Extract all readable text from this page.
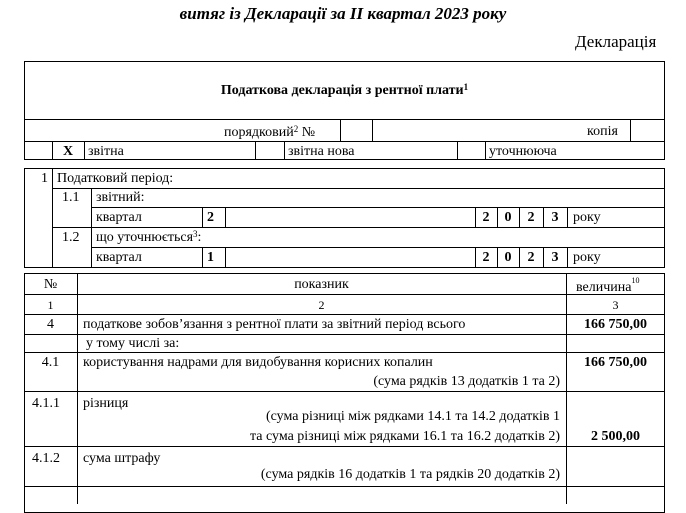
витяг із Декларації за II квартал 2023 року
Декларація
Податкова декларація з рентної плати$^1$
порядковий$^2$ №	копія
Х	звітна	звітна нова	уточнююча
1 Податковий період:
1.1 звітний:
квартал	2	2	0	2	3	року
1.2 що уточнюється$^3$:
квартал	1	2	0	2	3	року
№	показник	величина$^{10}$
1	2	3
4	податкове зобов’язання з рентної плати за звітний період всього	166 750,00
у тому числі за:
4.1	користування надрами для видобування корисних копалин	166 750,00
(сума рядків 13 додатків 1 та 2)
4.1.1 різниця
(сума різниці між рядками 14.1 та 14.2 додатків 1
та сума різниці між рядками 16.1 та 16.2 додатків 2)	2 500,00
4.1.2 сума штрафу
(сума рядків 16 додатків 1 та рядків 20 додатків 2)
